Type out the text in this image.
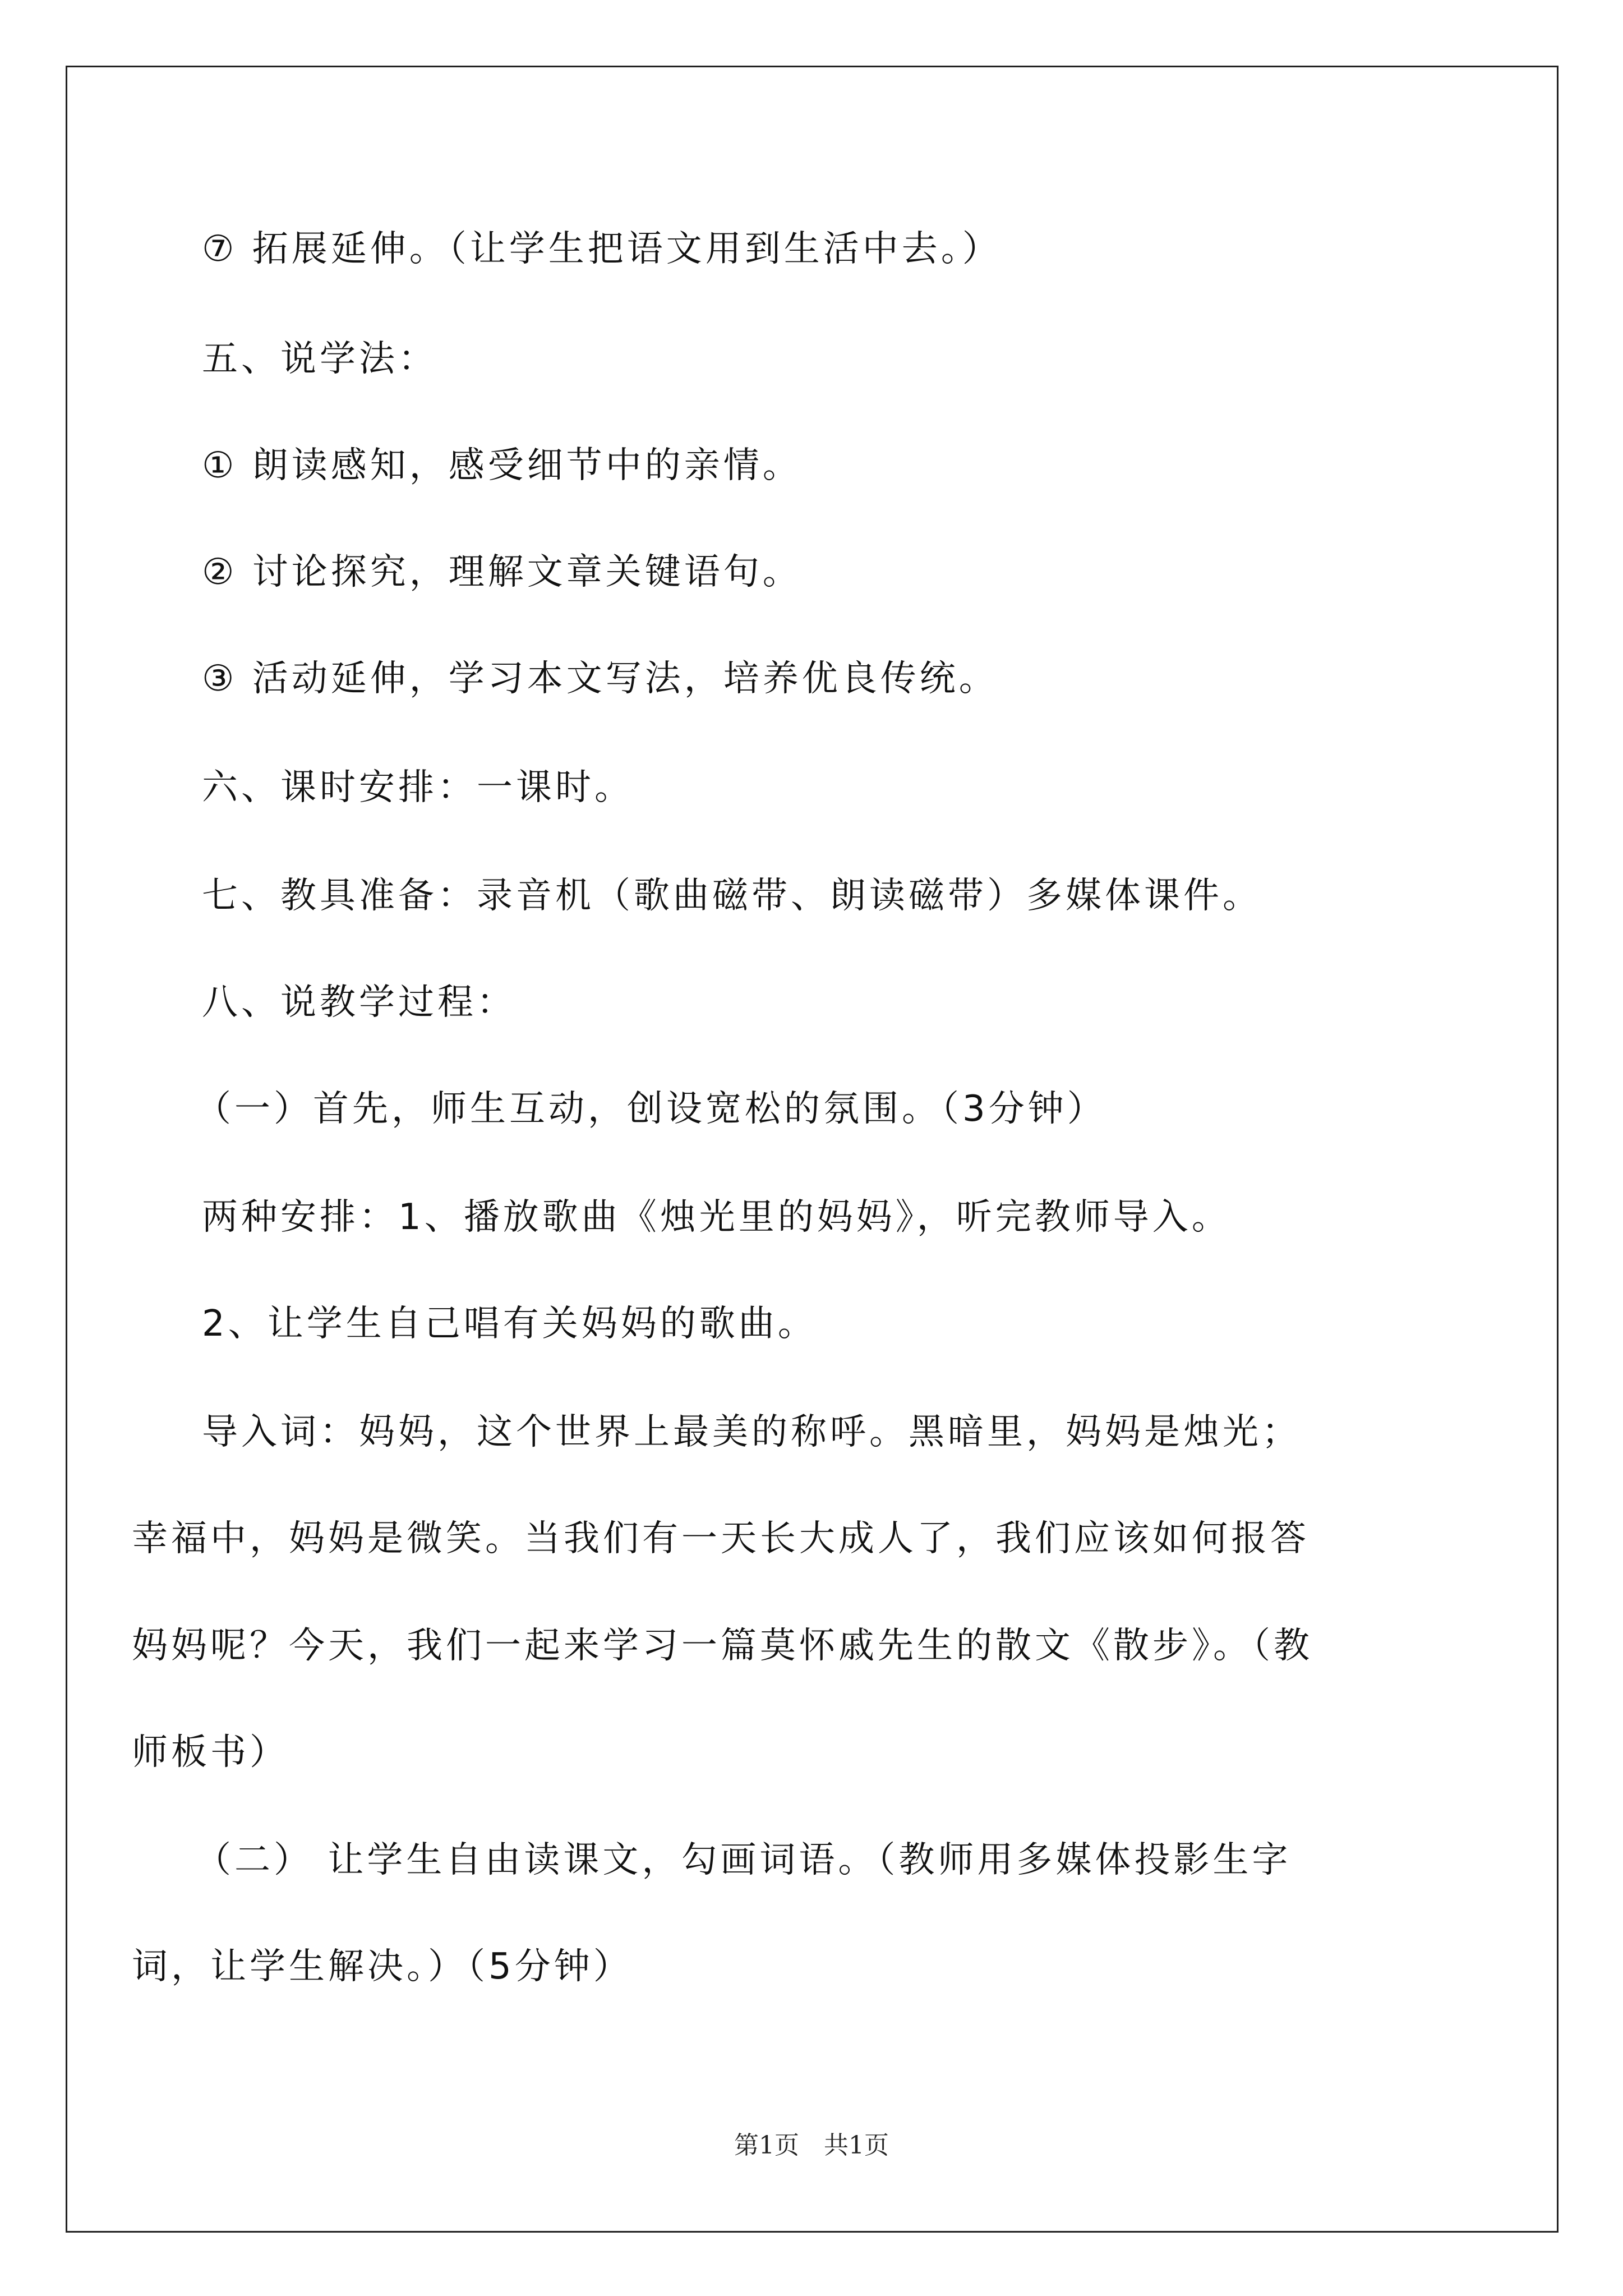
⑦ 拓展延伸。（让学生把语文用到生活中去。）
五、说学法：
① 朗读感知，感受细节中的亲情。
② 讨论探究，理解文章关键语句。
③ 活动延伸，学习本文写法，培养优良传统。
六、课时安排：一课时。
七、教具准备：录音机（歌曲磁带、朗读磁带）多媒体课件。
八、说教学过程：
（一）首先，师生互动，创设宽松的氛围。（3分钟）
两种安排：1、播放歌曲《烛光里的妈妈》，听完教师导入。
2、让学生自己唱有关妈妈的歌曲。
导入词：妈妈，这个世界上最美的称呼。黑暗里，妈妈是烛光；
幸福中，妈妈是微笑。当我们有一天长大成人了，我们应该如何报答
妈妈呢？今天，我们一起来学习一篇莫怀戚先生的散文《散步》。（教
师板书）
（二） 让学生自由读课文，勾画词语。（教师用多媒体投影生字
词，让学生解决。）（5分钟）
第1页　共1页
